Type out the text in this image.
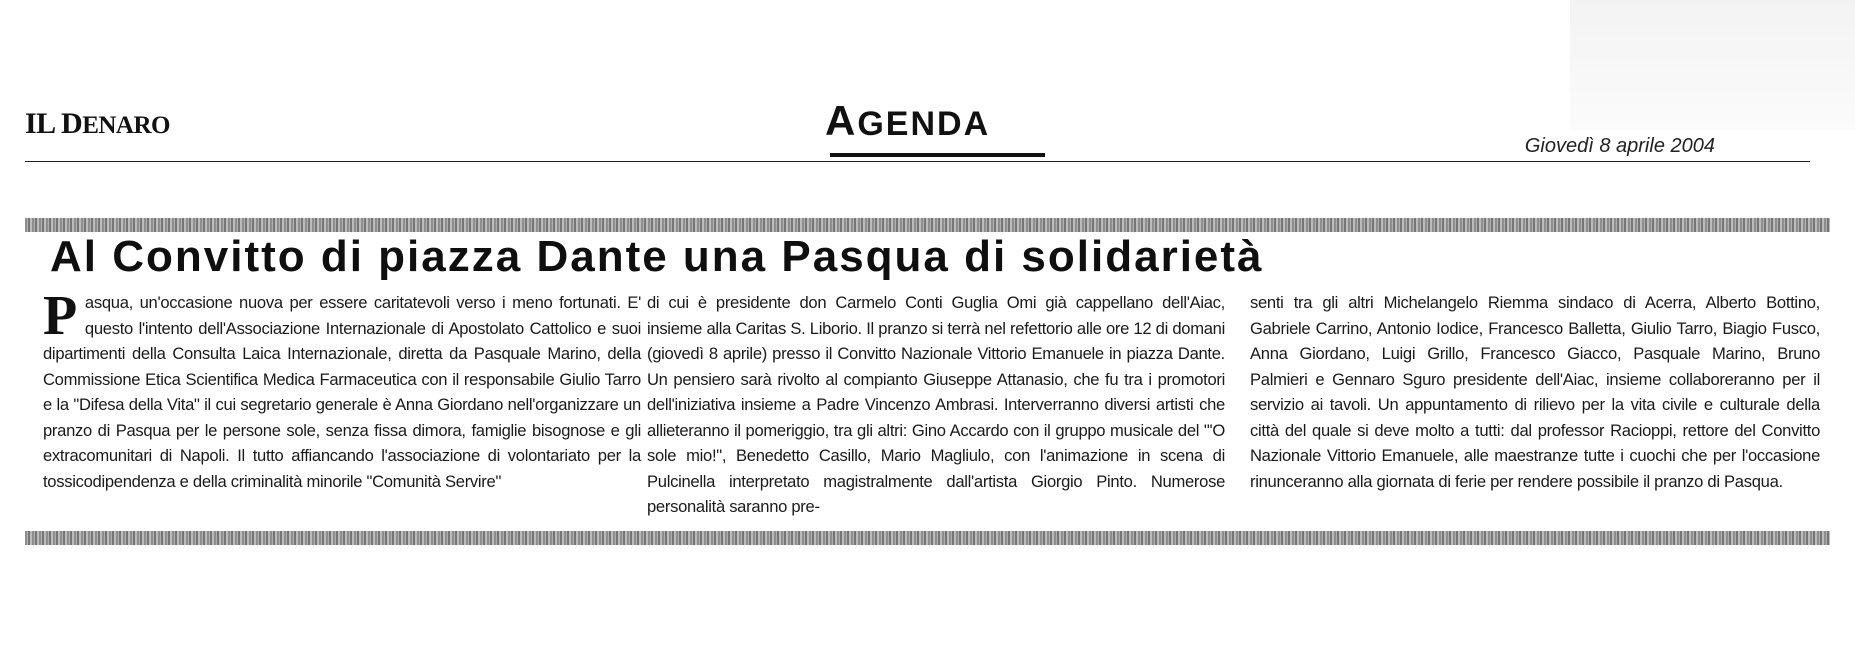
IL DENARO	AGENDA
Giovedì 8 aprile 2004
Al Convitto di piazza Dante una Pasqua di solidarietà
P asqua, un'occasione nuova per essere caritatevoli verso i meno fortunati. E' questo l'intento dell'Associazione Internazionale di Apostolato Cattolico e suoi dipartimenti della Consulta Laica Internazionale, diretta da Pasquale Marino, della Commissione Etica Scientifica Medica Farmaceutica con il responsabile Giulio Tarro e la "Difesa della Vita" il cui segretario generale è Anna Giordano nell'organizzare un pranzo di Pasqua per le persone sole, senza fissa dimora, famiglie bisognose e gli extracomunitari di Napoli. Il tutto affiancando l'associazione di volontariato per la tossicodipendenza e della criminalità minorile "Comunità Servire"
di cui è presidente don Carmelo Conti Guglia Omi già cappellano dell'Aiac, insieme alla Caritas S. Liborio. Il pranzo si terrà nel refettorio alle ore 12 di domani (giovedì 8 aprile) presso il Convitto Nazionale Vittorio Emanuele in piazza Dante. Un pensiero sarà rivolto al compianto Giuseppe Attanasio, che fu tra i promotori dell'iniziativa insieme a Padre Vincenzo Ambrasi. Interverranno diversi artisti che allieteranno il pomeriggio, tra gli altri: Gino Accardo con il gruppo musicale del "'O sole mio!", Benedetto Casillo, Mario Magliulo, con l'animazione in scena di Pulcinella interpretato magistralmente dall'artista Giorgio Pinto. Numerose personalità saranno pre-
senti tra gli altri Michelangelo Riemma sindaco di Acerra, Alberto Bottino, Gabriele Carrino, Antonio Iodice, Francesco Balletta, Giulio Tarro, Biagio Fusco, Anna Giordano, Luigi Grillo, Francesco Giacco, Pasquale Marino, Bruno Palmieri e Gennaro Sguro presidente dell'Aiac, insieme collaboreranno per il servizio ai tavoli. Un appuntamento di rilievo per la vita civile e culturale della città del quale si deve molto a tutti: dal professor Racioppi, rettore del Convitto Nazionale Vittorio Emanuele, alle maestranze tutte i cuochi che per l'occasione rinunceranno alla giornata di ferie per rendere possibile il pranzo di Pasqua.
